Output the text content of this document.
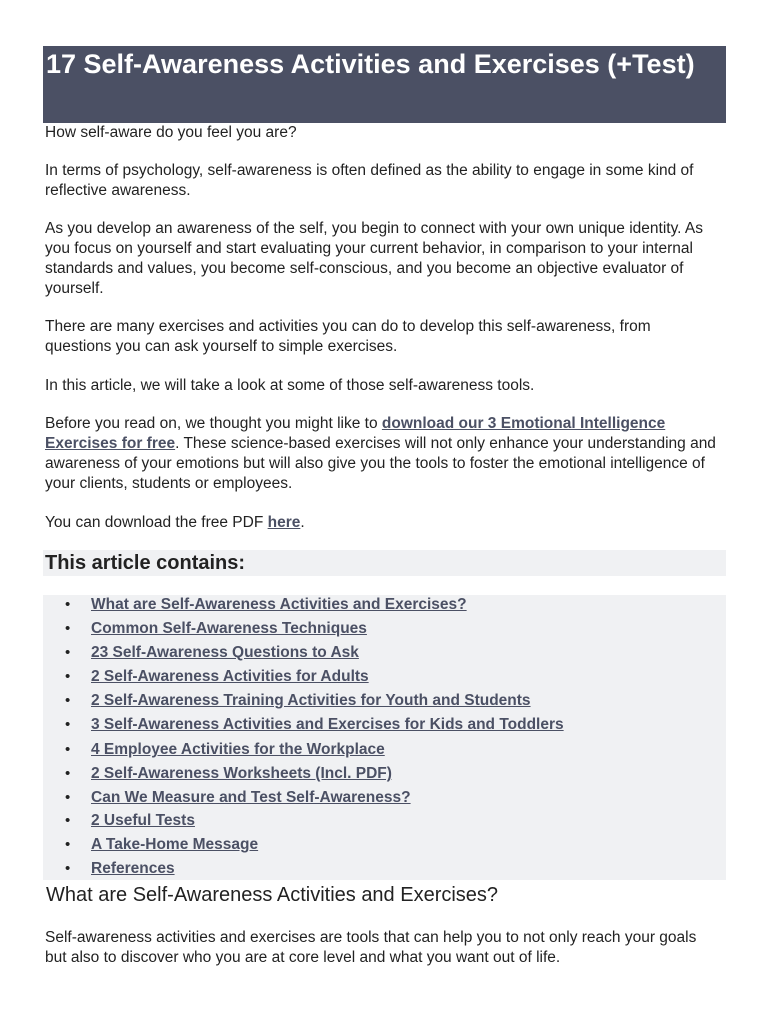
17 Self-Awareness Activities and Exercises (+Test)

How self-aware do you feel you are?

In terms of psychology, self-awareness is often defined as the ability to engage in some kind of reflective awareness.

As you develop an awareness of the self, you begin to connect with your own unique identity. As you focus on yourself and start evaluating your current behavior, in comparison to your internal standards and values, you become self-conscious, and you become an objective evaluator of yourself.

There are many exercises and activities you can do to develop this self-awareness, from questions you can ask yourself to simple exercises.

In this article, we will take a look at some of those self-awareness tools.

Before you read on, we thought you might like to download our 3 Emotional Intelligence Exercises for free. These science-based exercises will not only enhance your understanding and awareness of your emotions but will also give you the tools to foster the emotional intelligence of your clients, students or employees.

You can download the free PDF here.

This article contains:
• What are Self-Awareness Activities and Exercises?
• Common Self-Awareness Techniques
• 23 Self-Awareness Questions to Ask
• 2 Self-Awareness Activities for Adults
• 2 Self-Awareness Training Activities for Youth and Students
• 3 Self-Awareness Activities and Exercises for Kids and Toddlers
• 4 Employee Activities for the Workplace
• 2 Self-Awareness Worksheets (Incl. PDF)
• Can We Measure and Test Self-Awareness?
• 2 Useful Tests
• A Take-Home Message
• References
What are Self-Awareness Activities and Exercises?

Self-awareness activities and exercises are tools that can help you to not only reach your goals but also to discover who you are at core level and what you want out of life.
